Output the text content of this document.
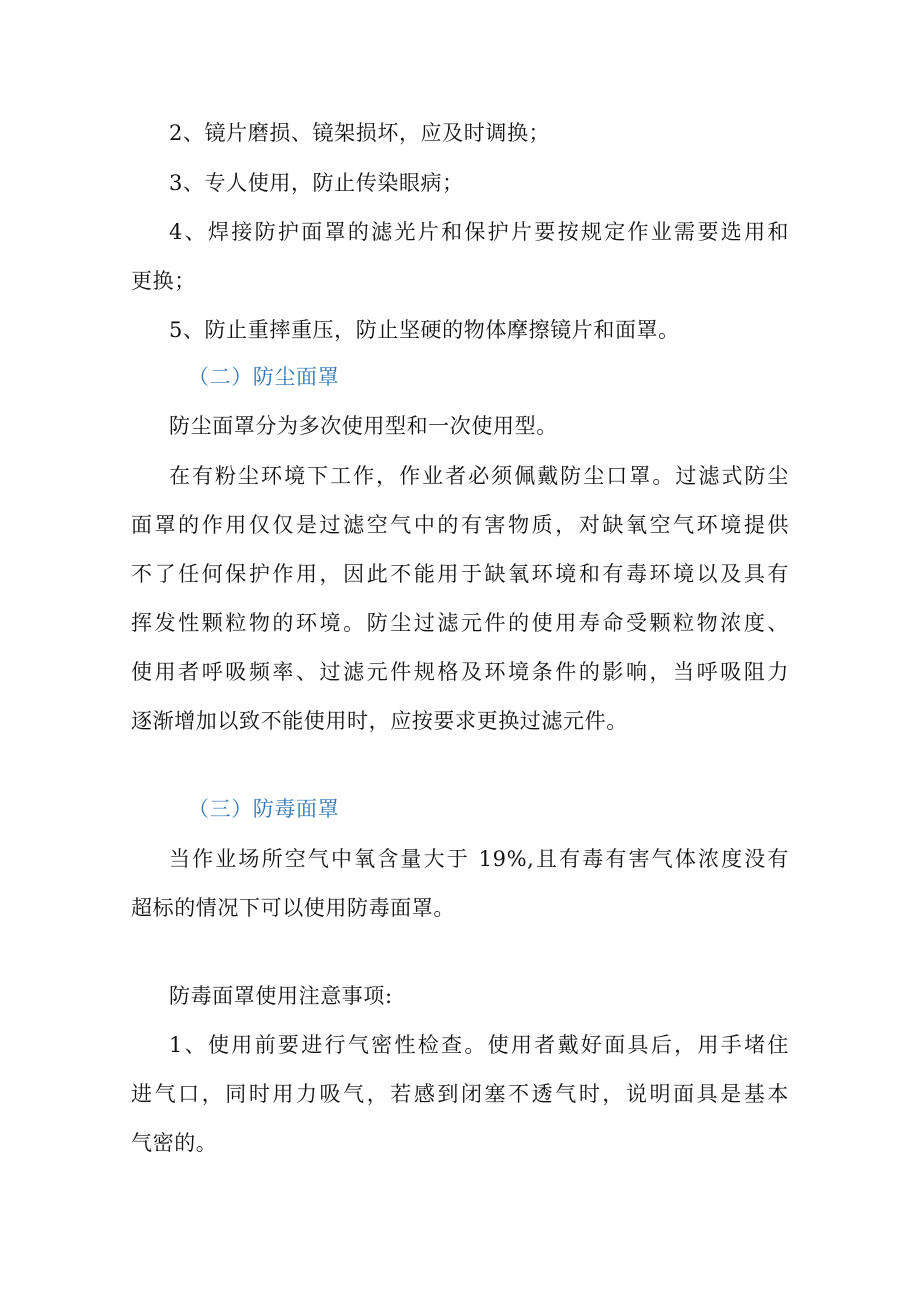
2、镜片磨损、镜架损坏，应及时调换；
3、专人使用，防止传染眼病；
4、焊接防护面罩的滤光片和保护片要按规定作业需要选用和
更换；
5、防止重摔重压，防止坚硬的物体摩擦镜片和面罩。
（二）防尘面罩
防尘面罩分为多次使用型和一次使用型。
在有粉尘环境下工作，作业者必须佩戴防尘口罩。过滤式防尘
面罩的作用仅仅是过滤空气中的有害物质，对缺氧空气环境提供
不了任何保护作用，因此不能用于缺氧环境和有毒环境以及具有
挥发性颗粒物的环境。防尘过滤元件的使用寿命受颗粒物浓度、
使用者呼吸频率、过滤元件规格及环境条件的影响，当呼吸阻力
逐渐增加以致不能使用时，应按要求更换过滤元件。
（三）防毒面罩
当作业场所空气中氧含量大于 19%,且有毒有害气体浓度没有
超标的情况下可以使用防毒面罩。
防毒面罩使用注意事项:
1、使用前要进行气密性检查。使用者戴好面具后，用手堵住
进气口，同时用力吸气，若感到闭塞不透气时，说明面具是基本
气密的。
